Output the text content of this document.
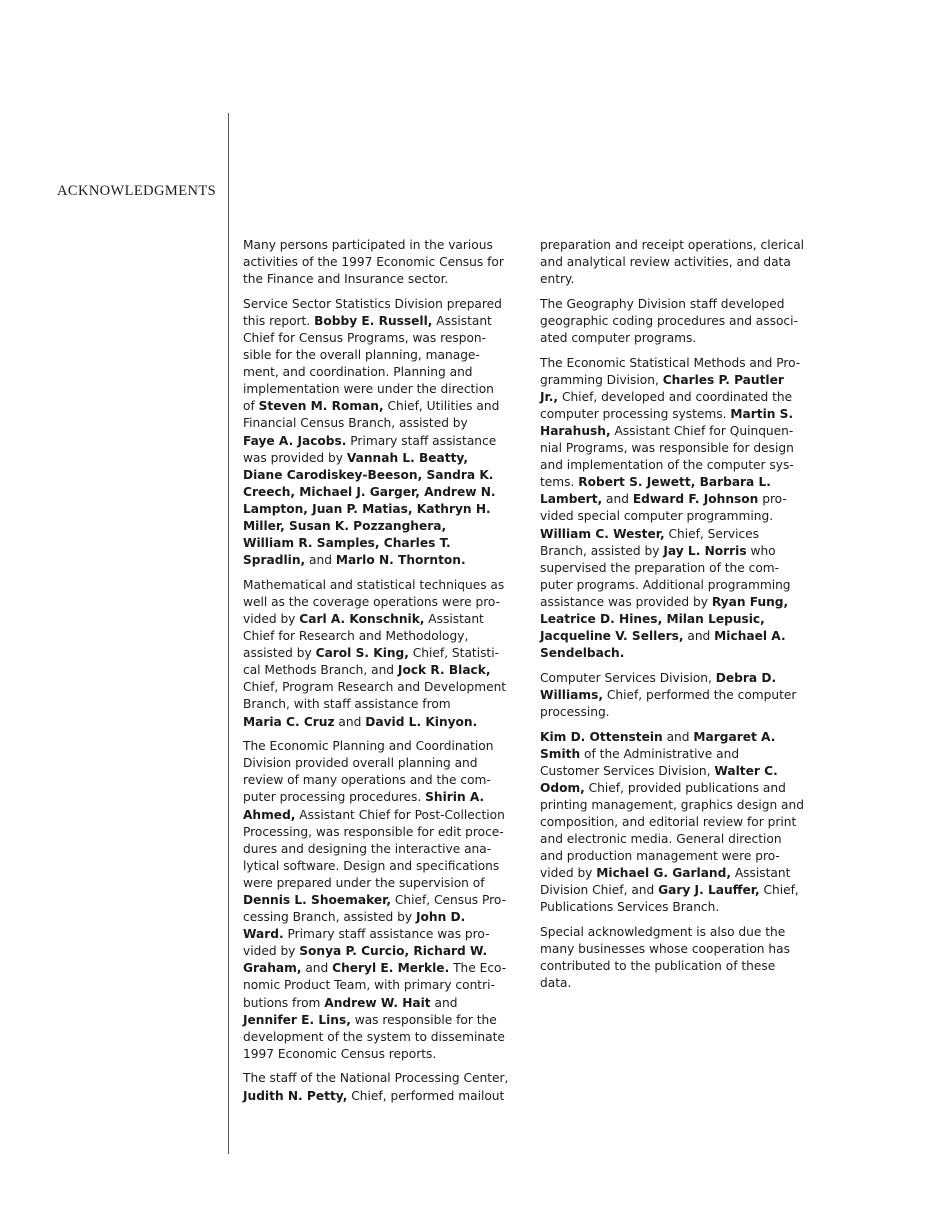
ACKNOWLEDGMENTS

Many persons participated in the various
activities of the 1997 Economic Census for
the Finance and Insurance sector.

Service Sector Statistics Division prepared
this report. Bobby E. Russell, Assistant
Chief for Census Programs, was respon-
sible for the overall planning, manage-
ment, and coordination. Planning and
implementation were under the direction
of Steven M. Roman, Chief, Utilities and
Financial Census Branch, assisted by
Faye A. Jacobs. Primary staff assistance
was provided by Vannah L. Beatty,
Diane Carodiskey-Beeson, Sandra K.
Creech, Michael J. Garger, Andrew N.
Lampton, Juan P. Matias, Kathryn H.
Miller, Susan K. Pozzanghera,
William R. Samples, Charles T.
Spradlin, and Marlo N. Thornton.

Mathematical and statistical techniques as
well as the coverage operations were pro-
vided by Carl A. Konschnik, Assistant
Chief for Research and Methodology,
assisted by Carol S. King, Chief, Statisti-
cal Methods Branch, and Jock R. Black,
Chief, Program Research and Development
Branch, with staff assistance from
Maria C. Cruz and David L. Kinyon.

The Economic Planning and Coordination
Division provided overall planning and
review of many operations and the com-
puter processing procedures. Shirin A.
Ahmed, Assistant Chief for Post-Collection
Processing, was responsible for edit proce-
dures and designing the interactive ana-
lytical software. Design and specifications
were prepared under the supervision of
Dennis L. Shoemaker, Chief, Census Pro-
cessing Branch, assisted by John D.
Ward. Primary staff assistance was pro-
vided by Sonya P. Curcio, Richard W.
Graham, and Cheryl E. Merkle. The Eco-
nomic Product Team, with primary contri-
butions from Andrew W. Hait and
Jennifer E. Lins, was responsible for the
development of the system to disseminate
1997 Economic Census reports.

The staff of the National Processing Center,
Judith N. Petty, Chief, performed mailout

preparation and receipt operations, clerical
and analytical review activities, and data
entry.

The Geography Division staff developed
geographic coding procedures and associ-
ated computer programs.

The Economic Statistical Methods and Pro-
gramming Division, Charles P. Pautler
Jr., Chief, developed and coordinated the
computer processing systems. Martin S.
Harahush, Assistant Chief for Quinquen-
nial Programs, was responsible for design
and implementation of the computer sys-
tems. Robert S. Jewett, Barbara L.
Lambert, and Edward F. Johnson pro-
vided special computer programming.
William C. Wester, Chief, Services
Branch, assisted by Jay L. Norris who
supervised the preparation of the com-
puter programs. Additional programming
assistance was provided by Ryan Fung,
Leatrice D. Hines, Milan Lepusic,
Jacqueline V. Sellers, and Michael A.
Sendelbach.

Computer Services Division, Debra D.
Williams, Chief, performed the computer
processing.

Kim D. Ottenstein and Margaret A.
Smith of the Administrative and
Customer Services Division, Walter C.
Odom, Chief, provided publications and
printing management, graphics design and
composition, and editorial review for print
and electronic media. General direction
and production management were pro-
vided by Michael G. Garland, Assistant
Division Chief, and Gary J. Lauffer, Chief,
Publications Services Branch.

Special acknowledgment is also due the
many businesses whose cooperation has
contributed to the publication of these
data.
